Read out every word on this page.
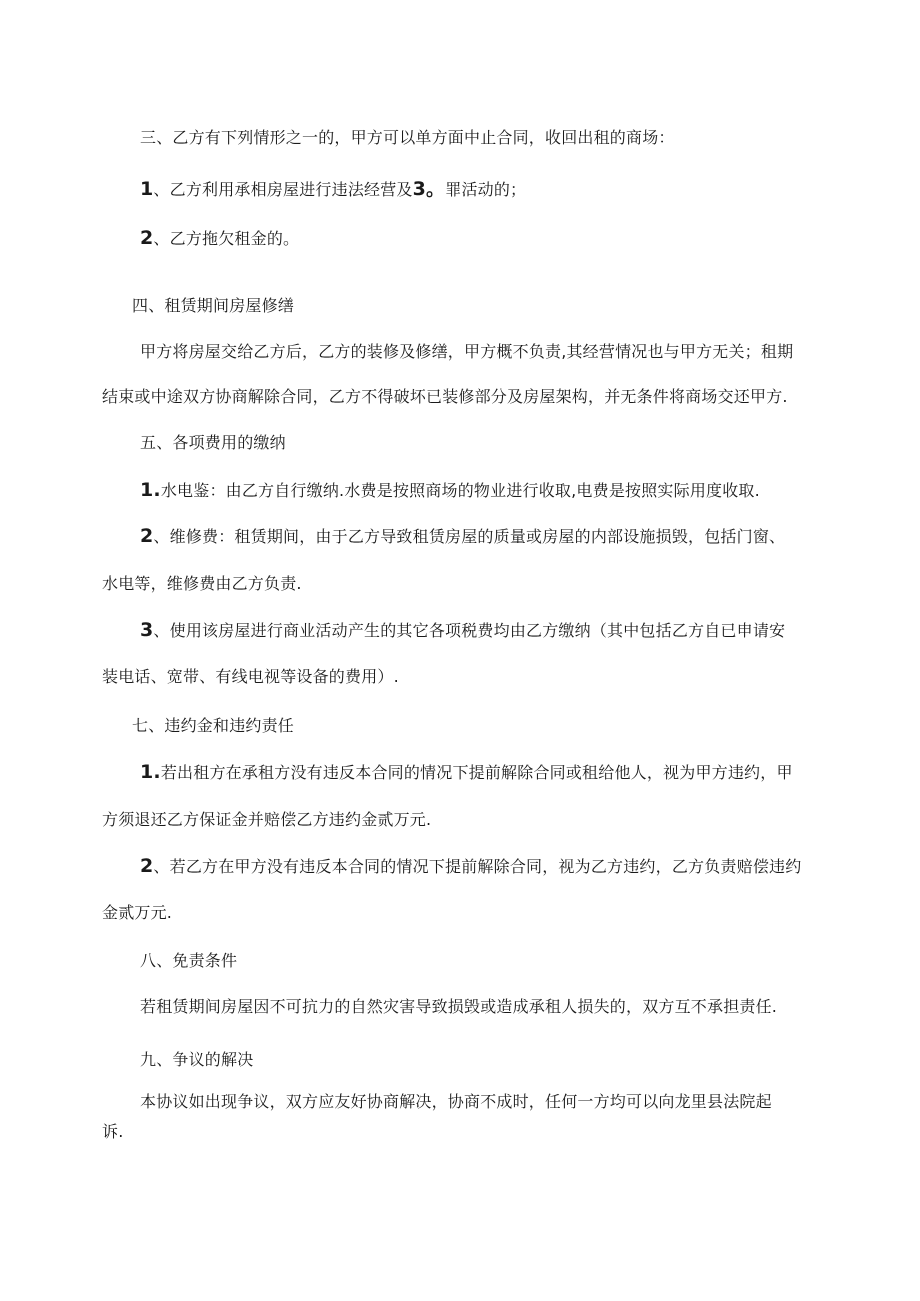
三、乙方有下列情形之一的，甲方可以单方面中止合同，收回出租的商场：
1、乙方利用承相房屋进行违法经营及3。罪活动的；
2、乙方拖欠租金的。
四、租赁期间房屋修缮
甲方将房屋交给乙方后，乙方的装修及修缮，甲方概不负责,其经营情况也与甲方无关；租期
结束或中途双方协商解除合同，乙方不得破坏已装修部分及房屋架构，并无条件将商场交还甲方.
五、各项费用的缴纳
1.水电鉴：由乙方自行缴纳.水费是按照商场的物业进行收取,电费是按照实际用度收取.
2、维修费：租赁期间，由于乙方导致租赁房屋的质量或房屋的内部设施损毁，包括门窗、
水电等，维修费由乙方负责.
3、使用该房屋进行商业活动产生的其它各项税费均由乙方缴纳（其中包括乙方自已申请安
装电话、宽带、有线电视等设备的费用）.
七、违约金和违约责任
1.若出租方在承租方没有违反本合同的情况下提前解除合同或租给他人，视为甲方违约，甲
方须退还乙方保证金并赔偿乙方违约金贰万元.
2、若乙方在甲方没有违反本合同的情况下提前解除合同，视为乙方违约，乙方负责赔偿违约
金贰万元.
八、免责条件
若租赁期间房屋因不可抗力的自然灾害导致损毁或造成承租人损失的，双方互不承担责任.
九、争议的解决
本协议如出现争议，双方应友好协商解决，协商不成时，任何一方均可以向龙里县法院起
诉.
